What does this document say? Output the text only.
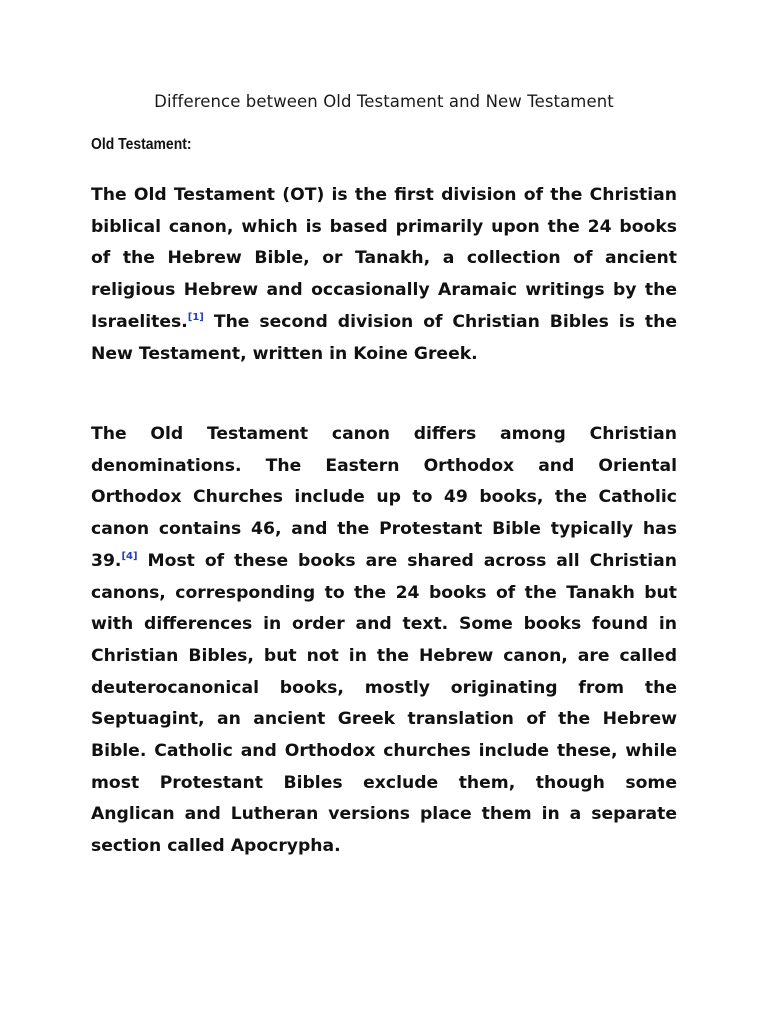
Difference between Old Testament and New Testament
Old Testament:

The Old Testament (OT) is the first division of the Christian biblical canon, which is based primarily upon the 24 books of the Hebrew Bible, or Tanakh, a collection of ancient religious Hebrew and occasionally Aramaic writings by the Israelites.[1] The second division of Christian Bibles is the New Testament, written in Koine Greek.

The Old Testament canon differs among Christian denominations. The Eastern Orthodox and Oriental Orthodox Churches include up to 49 books, the Catholic canon contains 46, and the Protestant Bible typically has 39.[4] Most of these books are shared across all Christian canons, corresponding to the 24 books of the Tanakh but with differences in order and text. Some books found in Christian Bibles, but not in the Hebrew canon, are called deuterocanonical books, mostly originating from the Septuagint, an ancient Greek translation of the Hebrew Bible. Catholic and Orthodox churches include these, while most Protestant Bibles exclude them, though some Anglican and Lutheran versions place them in a separate section called Apocrypha.
